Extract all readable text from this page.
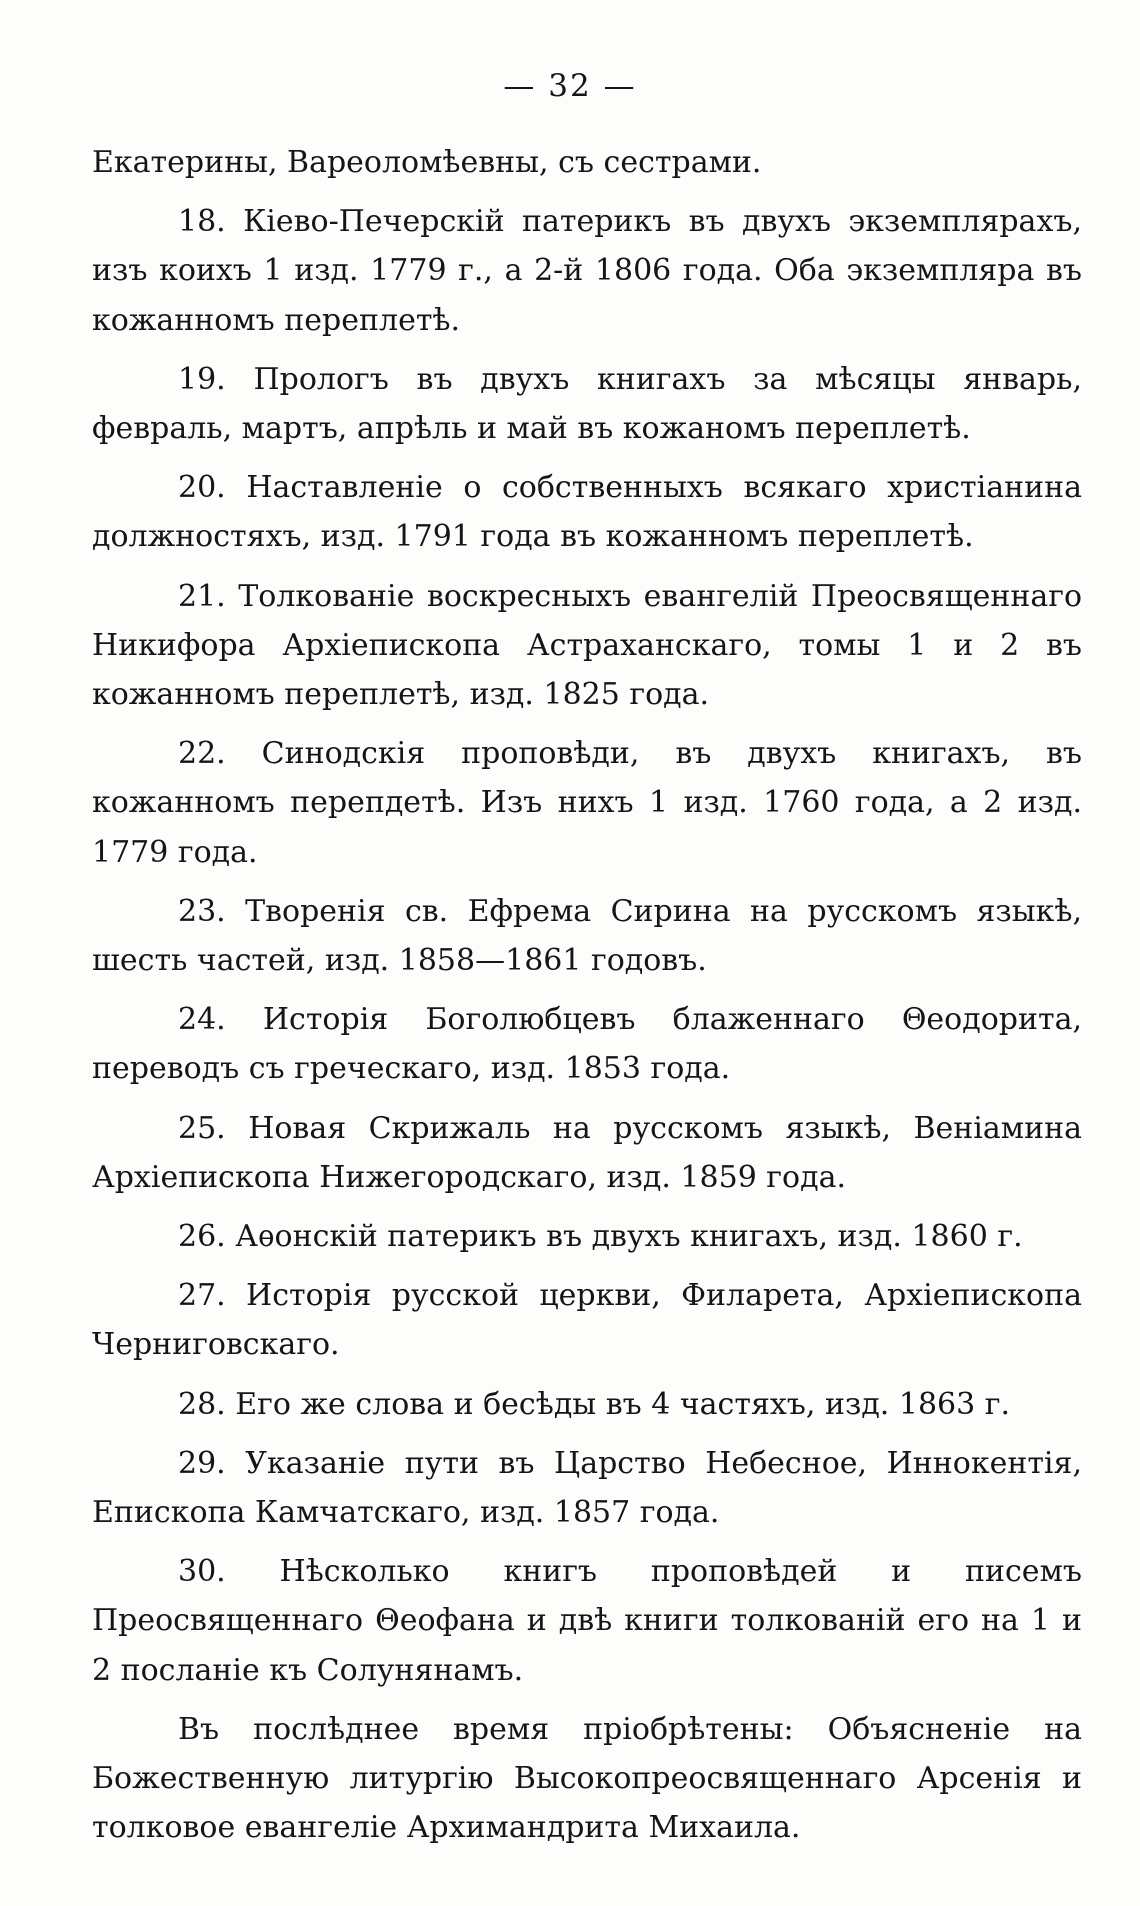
— 32 —

Екатерины, Вареоломѣевны, съ сестрами.

18. Кіево-Печерскій патерикъ въ двухъ экземплярахъ, изъ коихъ 1 изд. 1779 г., а 2-й 1806 года. Оба экземпляра въ кожанномъ переплетѣ.

19. Прологъ въ двухъ книгахъ за мѣсяцы январь, февраль, мартъ, апрѣль и май въ кожаномъ переплетѣ.

20. Наставленіе о собственныхъ всякаго христіанина должностяхъ, изд. 1791 года въ кожанномъ переплетѣ.

21. Толкованіе воскресныхъ евангелій Преосвященнаго Никифора Архіепископа Астраханскаго, томы 1 и 2 въ кожанномъ переплетѣ, изд. 1825 года.

22. Синодскія проповѣди, въ двухъ книгахъ, въ кожанномъ перепдетѣ. Изъ нихъ 1 изд. 1760 года, а 2 изд. 1779 года.

23. Творенія св. Ефрема Сирина на русскомъ языкѣ, шесть частей, изд. 1858—1861 годовъ.

24. Исторія Боголюбцевъ блаженнаго Θеодорита, переводъ съ греческаго, изд. 1853 года.

25. Новая Скрижаль на русскомъ языкѣ, Веніамина Архіепископа Нижегородскаго, изд. 1859 года.

26. Аѳонскій патерикъ въ двухъ книгахъ, изд. 1860 г.

27. Исторія русской церкви, Филарета, Архіепископа Черниговскаго.

28. Его же слова и бесѣды въ 4 частяхъ, изд. 1863 г.

29. Указаніе пути въ Царство Небесное, Иннокентія, Епископа Камчатскаго, изд. 1857 года.

30. Нѣсколько книгъ проповѣдей и писемъ Преосвященнаго Θеофана и двѣ книги толкованій его на 1 и 2 посланіе къ Солунянамъ.

Въ послѣднее время пріобрѣтены: Объясненіе на Божественную литургію Высокопреосвященнаго Арсенія и толковое евангеліе Архимандрита Михаила.
